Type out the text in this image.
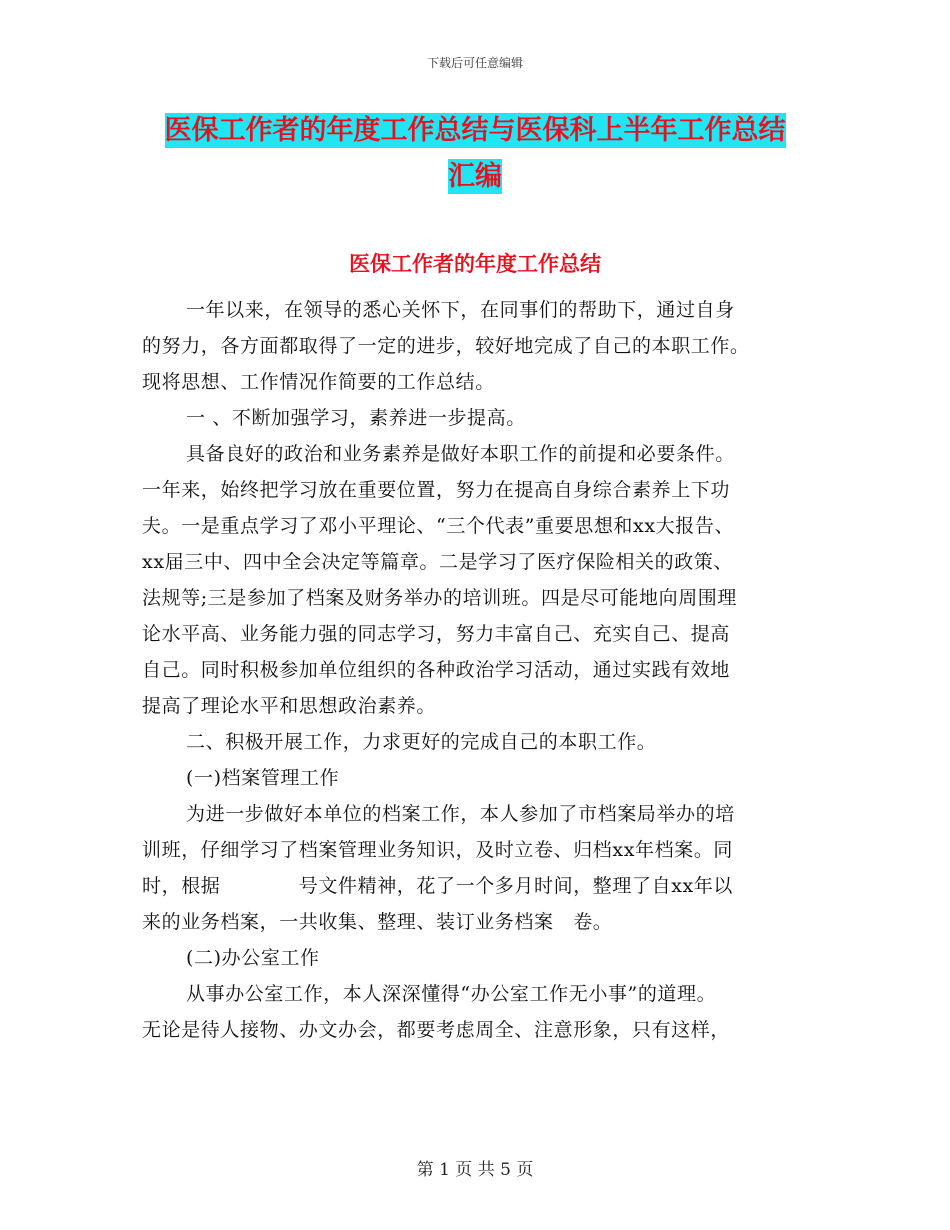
下载后可任意编辑
医保工作者的年度工作总结与医保科上半年工作总结
汇编
医保工作者的年度工作总结
一年以来，在领导的悉心关怀下，在同事们的帮助下，通过自身
的努力，各方面都取得了一定的进步，较好地完成了自己的本职工作。
现将思想、工作情况作简要的工作总结。
一 、不断加强学习，素养进一步提高。
具备良好的政治和业务素养是做好本职工作的前提和必要条件。
一年来，始终把学习放在重要位置，努力在提高自身综合素养上下功
夫。一是重点学习了邓小平理论、“三个代表”重要思想和xx大报告、
xx届三中、四中全会决定等篇章。二是学习了医疗保险相关的政策、
法规等;三是参加了档案及财务举办的培训班。四是尽可能地向周围理
论水平高、业务能力强的同志学习，努力丰富自己、充实自己、提高
自己。同时积极参加单位组织的各种政治学习活动，通过实践有效地
提高了理论水平和思想政治素养。
二、积极开展工作，力求更好的完成自己的本职工作。
(一)档案管理工作
为进一步做好本单位的档案工作，本人参加了市档案局举办的培
训班，仔细学习了档案管理业务知识，及时立卷、归档xx年档案。同
时，根据　　　　号文件精神，花了一个多月时间，整理了自xx年以
来的业务档案，一共收集、整理、装订业务档案　卷。
(二)办公室工作
从事办公室工作，本人深深懂得“办公室工作无小事”的道理。
无论是待人接物、办文办会，都要考虑周全、注意形象，只有这样，
第 1 页 共 5 页
